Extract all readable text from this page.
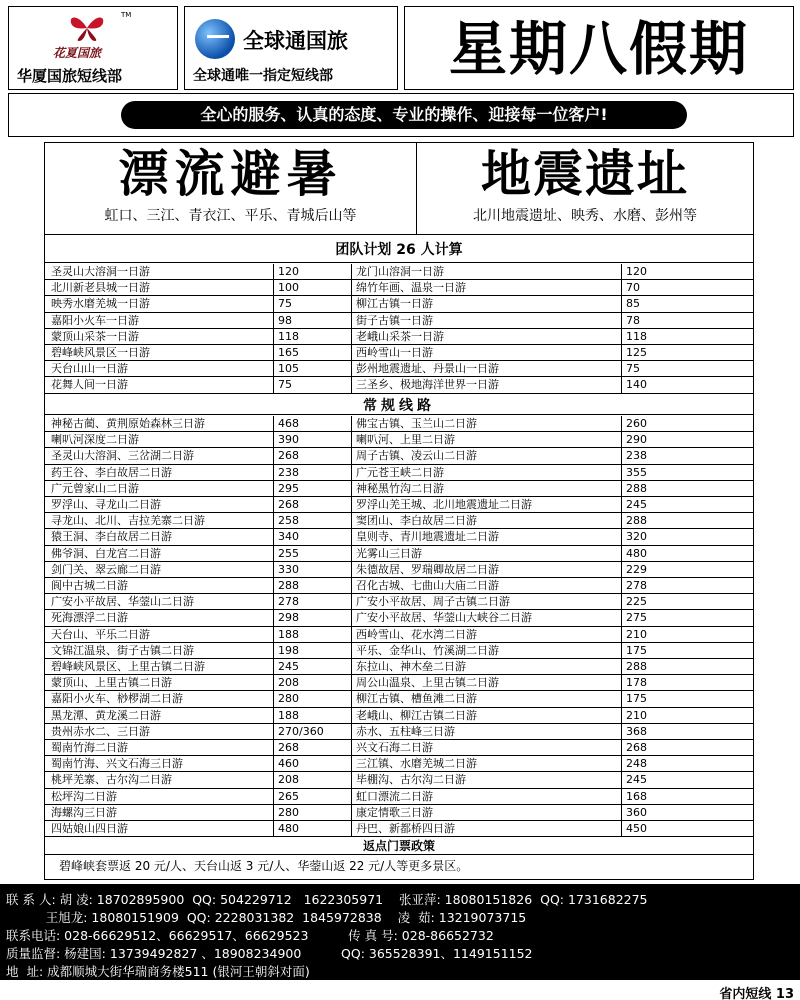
TM
花夏国旅
华厦国旅短线部
全球通国旅
全球通唯一指定短线部	星期八假期
全心的服务、认真的态度、专业的操作、迎接每一位客户!
漂流避暑
虹口、三江、青衣江、平乐、青城后山等
地震遗址
北川地震遗址、映秀、水磨、彭州等
团队计划 26 人计算
圣灵山大溶洞一日游	120	龙门山溶洞一日游	120
北川新老县城一日游	100	绵竹年画、温泉一日游	70
映秀水磨羌城一日游	75	柳江古镇一日游	85
嘉阳小火车一日游	98	街子古镇一日游	78
蒙顶山采茶一日游	118	老峨山采茶一日游	118
碧峰峡风景区一日游	165	西岭雪山一日游	125
天台山山一日游	105	彭州地震遗址、丹景山一日游	75
花舞人间一日游	75	三圣乡、极地海洋世界一日游	140
常规线路
神秘古蔺、黄荆原始森林三日游	468	佛宝古镇、玉兰山二日游	260
喇叭河深度二日游	390	喇叭河、上里二日游	290
圣灵山大溶洞、三岔湖二日游	268	周子古镇、凌云山二日游	238
药王谷、李白故居二日游	238	广元苍王峡二日游	355
广元曾家山二日游	295	神秘黑竹沟二日游	288
罗浮山、寻龙山二日游	268	罗浮山羌王城、北川地震遗址二日游	245
寻龙山、北川、吉拉羌寨二日游	258	窦团山、李白故居二日游	288
猿王洞、李白故居二日游	340	皇则寺、青川地震遗址二日游	320
佛爷洞、白龙宫二日游	255	光雾山三日游	480
剑门关、翠云廊二日游	330	朱德故居、罗瑞卿故居二日游	229
阆中古城二日游	288	召化古城、七曲山大庙二日游	278
广安小平故居、华蓥山二日游	278	广安小平故居、周子古镇二日游	225
死海漂浮二日游	298	广安小平故居、华蓥山大峡谷二日游	275
天台山、平乐二日游	188	西岭雪山、花水湾二日游	210
文锦江温泉、街子古镇二日游	198	平乐、金华山、竹溪湖二日游	175
碧峰峡风景区、上里古镇二日游	245	东拉山、神木垒二日游	288
蒙顶山、上里古镇二日游	208	周公山温泉、上里古镇二日游	178
嘉阳小火车、桫椤湖二日游	280	柳江古镇、槽鱼滩二日游	175
黑龙潭、黄龙溪二日游	188	老峨山、柳江古镇二日游	210
贵州赤水二、三日游	270/360	赤水、五柱峰三日游	368
蜀南竹海二日游	268	兴文石海二日游	268
蜀南竹海、兴文石海三日游	460	三江镇、水磨羌城二日游	248
桃坪羌寨、古尔沟二日游	208	毕棚沟、古尔沟二日游	245
松坪沟二日游	265	虹口漂流二日游	168
海螺沟三日游	280	康定情歌三日游	360
四姑娘山四日游	480	丹巴、新都桥四日游	450
返点门票政策
碧峰峡套票返 20 元/人、天台山返 3 元/人、华蓥山返 22 元/人等更多景区。
联 系 人: 胡 凌: 18702895900  QQ: 504229712   1622305971    张亚萍: 18080151826  QQ: 1731682275
王旭龙: 18080151909  QQ: 2228031382  1845972838    凌  茹: 13219073715
联系电话: 028-66629512、66629517、66629523          传 真 号: 028-86652732
质量监督: 杨建国: 13739492827 、18908234900          QQ: 365528391、1149151152
地  址: 成都顺城大街华瑞商务楼511 (银河王朝斜对面)
省内短线 13
